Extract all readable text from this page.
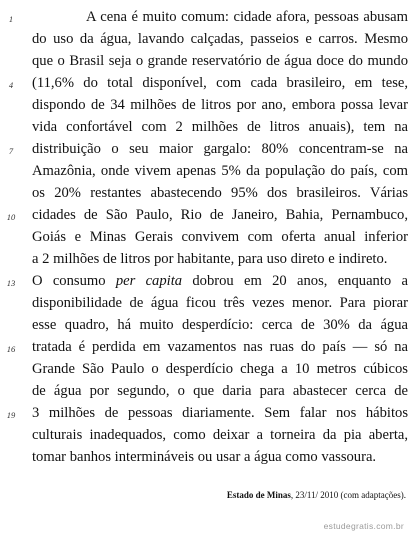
1
4
7
10
13
16
19
A cena é muito comum: cidade afora, pessoas abusam
do uso da água, lavando calçadas, passeios e carros. Mesmo
que o Brasil seja o grande reservatório de água doce do mundo
(11,6% do total disponível, com cada brasileiro, em tese,
dispondo de 34 milhões de litros por ano, embora possa levar
vida confortável com 2 milhões de litros anuais), tem na
distribuição o seu maior gargalo: 80% concentram-se na
Amazônia, onde vivem apenas 5% da população do país, com
os 20% restantes abastecendo 95% dos brasileiros. Várias
cidades de São Paulo, Rio de Janeiro, Bahia, Pernambuco,
Goiás e Minas Gerais convivem com oferta anual inferior
a 2 milhões de litros por habitante, para uso direto e indireto.
O consumo per capita dobrou em 20 anos, enquanto a
disponibilidade de água ficou três vezes menor. Para piorar
esse quadro, há muito desperdício: cerca de 30% da água
tratada é perdida em vazamentos nas ruas do país — só na
Grande São Paulo o desperdício chega a 10 metros cúbicos
de água por segundo, o que daria para abastecer cerca de
3 milhões de pessoas diariamente. Sem falar nos hábitos
culturais inadequados, como deixar a torneira da pia aberta,
tomar banhos intermináveis ou usar a água como vassoura.
Estado de Minas, 23/11/ 2010 (com adaptações).
estudegratis.com.br
